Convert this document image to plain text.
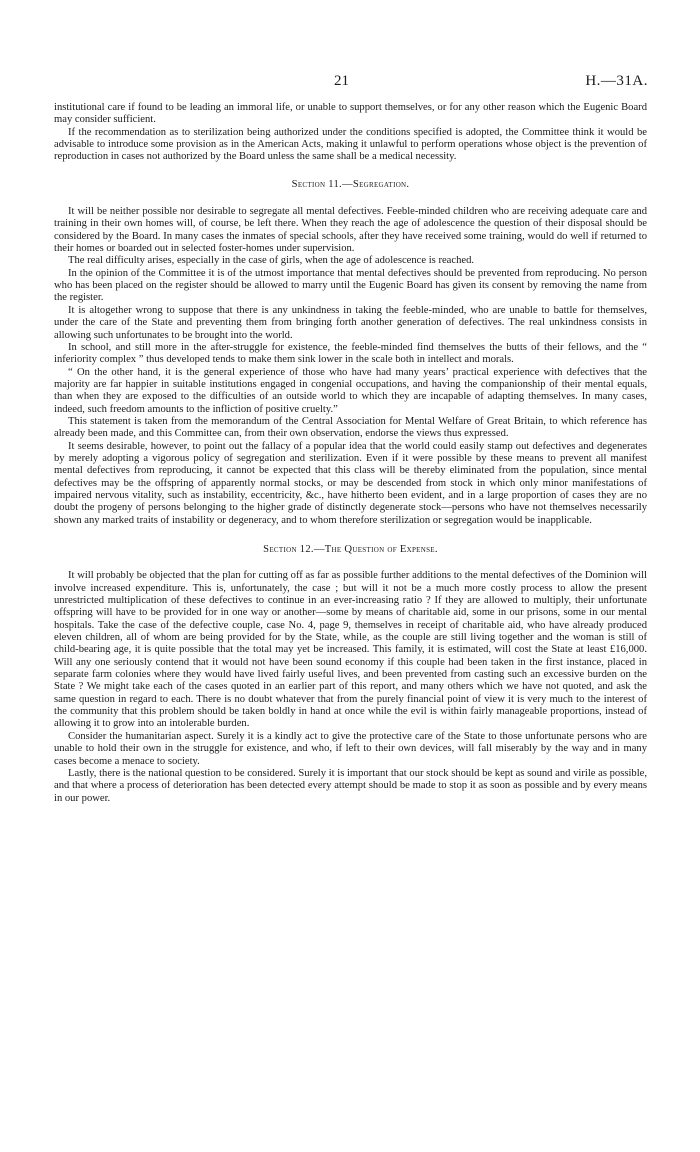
21	H.—31A.

institutional care if found to be leading an immoral life, or unable to support themselves, or for any other reason which the Eugenic Board may consider sufficient.

If the recommendation as to sterilization being authorized under the conditions specified is adopted, the Committee think it would be advisable to introduce some provision as in the American Acts, making it unlawful to perform operations whose object is the prevention of reproduction in cases not authorized by the Board unless the same shall be a medical necessity.

Section 11.—Segregation.

It will be neither possible nor desirable to segregate all mental defectives. Feeble-minded children who are receiving adequate care and training in their own homes will, of course, be left there. When they reach the age of adolescence the question of their disposal should be considered by the Board. In many cases the inmates of special schools, after they have received some training, would do well if returned to their homes or boarded out in selected foster-homes under supervision.

The real difficulty arises, especially in the case of girls, when the age of adolescence is reached.

In the opinion of the Committee it is of the utmost importance that mental defectives should be prevented from reproducing. No person who has been placed on the register should be allowed to marry until the Eugenic Board has given its consent by removing the name from the register.

It is altogether wrong to suppose that there is any unkindness in taking the feeble-minded, who are unable to battle for themselves, under the care of the State and preventing them from bringing forth another generation of defectives. The real unkindness consists in allowing such unfortunates to be brought into the world.

In school, and still more in the after-struggle for existence, the feeble-minded find themselves the butts of their fellows, and the “ inferiority complex ” thus developed tends to make them sink lower in the scale both in intellect and morals.

“ On the other hand, it is the general experience of those who have had many years’ practical experience with defectives that the majority are far happier in suitable institutions engaged in congenial occupations, and having the companionship of their mental equals, than when they are exposed to the difficulties of an outside world to which they are incapable of adapting themselves. In many cases, indeed, such freedom amounts to the infliction of positive cruelty.”

This statement is taken from the memorandum of the Central Association for Mental Welfare of Great Britain, to which reference has already been made, and this Committee can, from their own observation, endorse the views thus expressed.

It seems desirable, however, to point out the fallacy of a popular idea that the world could easily stamp out defectives and degenerates by merely adopting a vigorous policy of segregation and sterilization. Even if it were possible by these means to prevent all manifest mental defectives from reproducing, it cannot be expected that this class will be thereby eliminated from the population, since mental defectives may be the offspring of apparently normal stocks, or may be descended from stock in which only minor manifestations of impaired nervous vitality, such as instability, eccentricity, &c., have hitherto been evident, and in a large proportion of cases they are no doubt the progeny of persons belonging to the higher grade of distinctly degenerate stock—persons who have not themselves necessarily shown any marked traits of instability or degeneracy, and to whom therefore sterilization or segregation would be inapplicable.

Section 12.—The Question of Expense.

It will probably be objected that the plan for cutting off as far as possible further additions to the mental defectives of the Dominion will involve increased expenditure. This is, unfortunately, the case ; but will it not be a much more costly process to allow the present unrestricted multiplication of these defectives to continue in an ever-increasing ratio ? If they are allowed to multiply, their unfortunate offspring will have to be provided for in one way or another—some by means of charitable aid, some in our prisons, some in our mental hospitals. Take the case of the defective couple, case No. 4, page 9, themselves in receipt of charitable aid, who have already produced eleven children, all of whom are being provided for by the State, while, as the couple are still living together and the woman is still of child-bearing age, it is quite possible that the total may yet be increased. This family, it is estimated, will cost the State at least £16,000. Will any one seriously contend that it would not have been sound economy if this couple had been taken in the first instance, placed in separate farm colonies where they would have lived fairly useful lives, and been prevented from casting such an excessive burden on the State ? We might take each of the cases quoted in an earlier part of this report, and many others which we have not quoted, and ask the same question in regard to each. There is no doubt whatever that from the purely financial point of view it is very much to the interest of the community that this problem should be taken boldly in hand at once while the evil is within fairly manageable proportions, instead of allowing it to grow into an intolerable burden.

Consider the humanitarian aspect. Surely it is a kindly act to give the protective care of the State to those unfortunate persons who are unable to hold their own in the struggle for existence, and who, if left to their own devices, will fall miserably by the way and in many cases become a menace to society.

Lastly, there is the national question to be considered. Surely it is important that our stock should be kept as sound and virile as possible, and that where a process of deterioration has been detected every attempt should be made to stop it as soon as possible and by every means in our power.
